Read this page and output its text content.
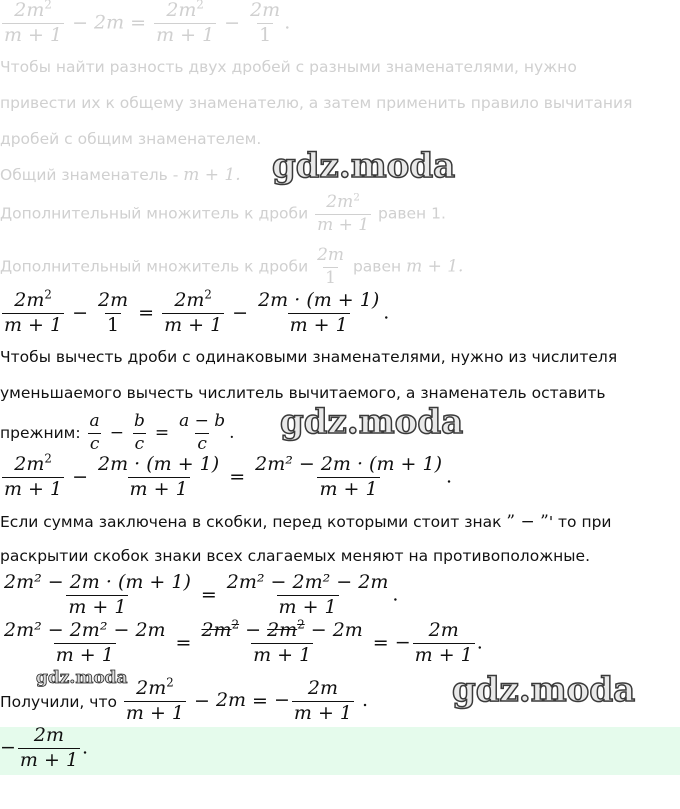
$\frac{2m^2}{m + 1} - 2m = \frac{2m^2}{m + 1} - \frac{2m}{1}$ .
Чтобы найти разность двух дробей с разными знаменателями, нужно
привести их к общему знаменателю, а затем применить правило вычитания
дробей с общим знаменателем.
Общий знаменатель - m + 1. gdz.moda
Дополнительный множитель к дроби $\frac{2m^2}{m + 1}$ равен 1.
Дополнительный множитель к дроби $\frac{2m}{1}$ равен m + 1.
$\frac{2m^2}{m + 1} - \frac{2m}{1} = \frac{2m^2}{m + 1} - \frac{2m \cdot (m + 1)}{m + 1}$ .
Чтобы вычесть дроби с одинаковыми знаменателями, нужно из числителя
уменьшаемого вычесть числитель вычитаемого, а знаменатель оставить
прежним: $\frac{a}{c} - \frac{b}{c} = \frac{a - b}{c}$ . gdz.moda
$\frac{2m^2}{m + 1} - \frac{2m \cdot (m + 1)}{m + 1} = \frac{\text{2m² − 2m · (m + 1)}}{m + 1}$ .
Если сумма заключена в скобки, перед которыми стоит знак ” − ”' то при
раскрытии скобок знаки всех слагаемых меняют на противоположные.
$\frac{\text{2m² − 2m · (m + 1)}}{m + 1} = \frac{\text{2m² − 2m² − 2m}}{m + 1}$ .
$\frac{\text{2m² − 2m² − 2m}}{m + 1} = \frac{2m^2 - 2m^2 - 2m}{m + 1}$ = − $\frac{2m}{m + 1}$ .
gdz.moda
Получили, что $\frac{2m^2}{m + 1} - 2m$ = − $\frac{2m}{m + 1}$ . gdz.moda
− $\frac{2m}{m + 1}$ .
